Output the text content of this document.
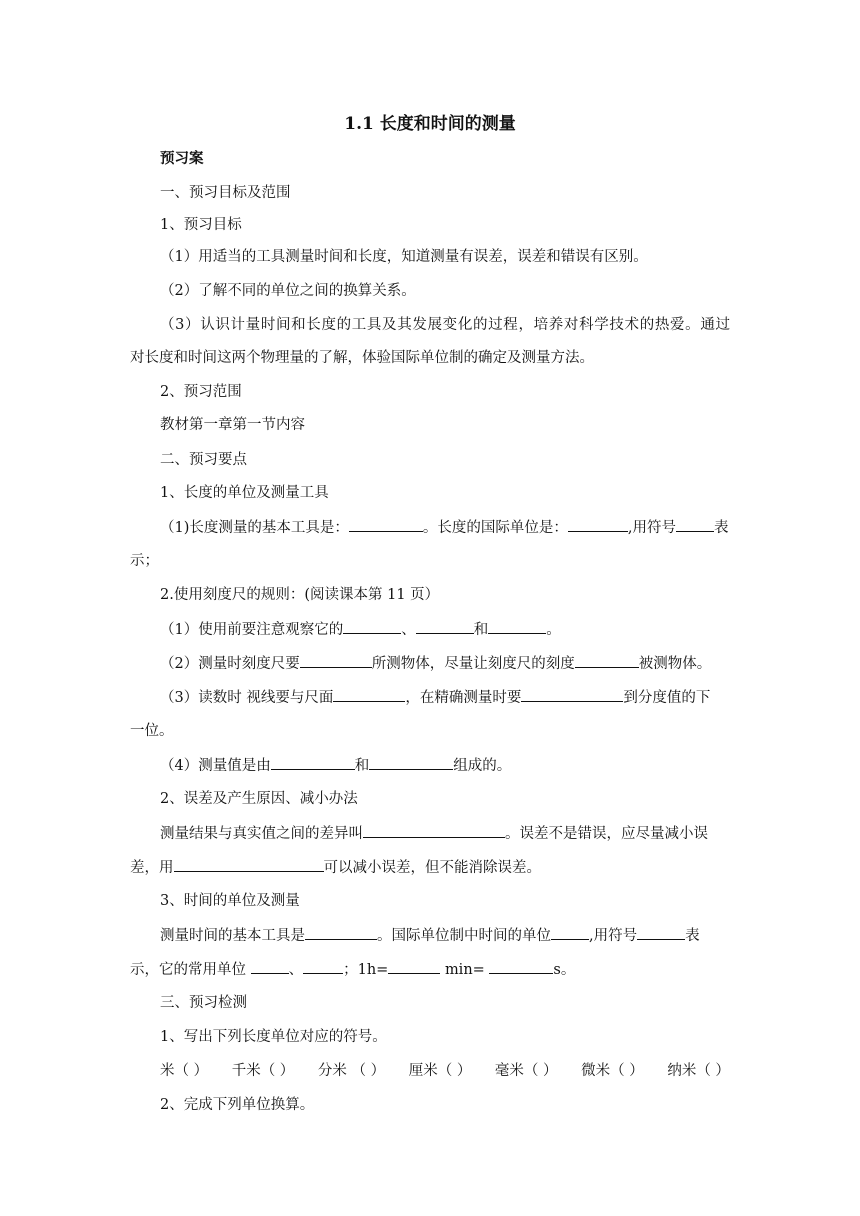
1.1 长度和时间的测量
预习案
一、预习目标及范围
1、预习目标
（1）用适当的工具测量时间和长度，知道测量有误差，误差和错误有区别。
（2）了解不同的单位之间的换算关系。
（3）认识计量时间和长度的工具及其发展变化的过程，培养对科学技术的热爱。通过
对长度和时间这两个物理量的了解，体验国际单位制的确定及测量方法。
2、预习范围
教材第一章第一节内容
二、预习要点
1、长度的单位及测量工具
（1)长度测量的基本工具是：	。长度的国际单位是：	,用符号	表
示；
2.使用刻度尺的规则：(阅读课本第 11 页）
（1）使用前要注意观察它的	、	和	。
（2）测量时刻度尺要	所测物体，尽量让刻度尺的刻度	被测物体。
（3）读数时 视线要与尺面	，在精确测量时要	到分度值的下
一位。
（4）测量值是由	和	组成的。
2、误差及产生原因、减小办法
测量结果与真实值之间的差异叫	。误差不是错误，应尽量减小误
差，用	可以减小误差，但不能消除误差。
3、时间的单位及测量
测量时间的基本工具是	。国际单位制中时间的单位	,用符号	表
示，它的常用单位	、	；1h=	min=	s。
三、预习检测
1、写出下列长度单位对应的符号。
米（ ） 千米（ ） 分米 （ ） 厘米（ ） 毫米（ ） 微米（ ） 纳米（ ）
2、完成下列单位换算。
